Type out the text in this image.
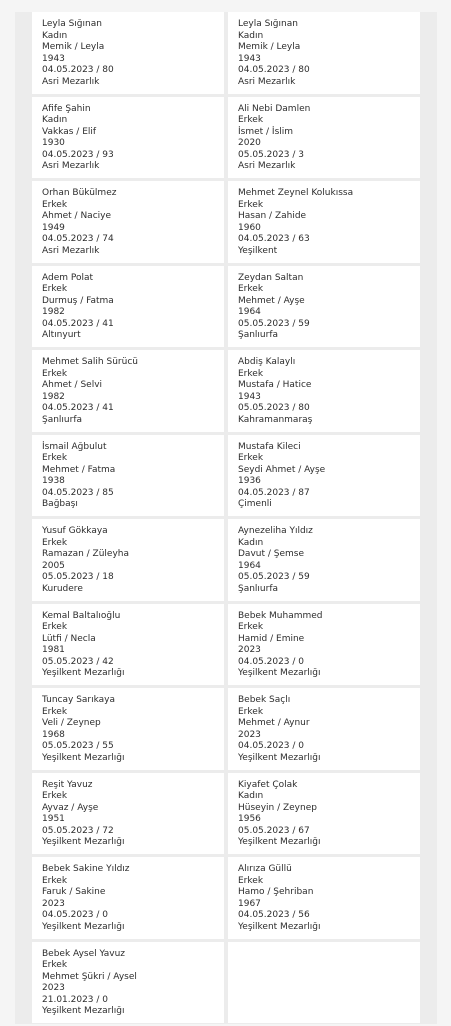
Leyla Sığınan
Kadın
Memik / Leyla
1943
04.05.2023 / 80
Asri Mezarlık
Leyla Sığınan
Kadın
Memik / Leyla
1943
04.05.2023 / 80
Asri Mezarlık
Afife Şahin
Kadın
Vakkas / Elif
1930
04.05.2023 / 93
Asri Mezarlık
Ali Nebi Damlen
Erkek
İsmet / İslim
2020
05.05.2023 / 3
Asri Mezarlık
Orhan Bükülmez
Erkek
Ahmet / Naciye
1949
04.05.2023 / 74
Asri Mezarlık
Mehmet Zeynel Kolukıssa
Erkek
Hasan / Zahide
1960
04.05.2023 / 63
Yeşilkent
Adem Polat
Erkek
Durmuş / Fatma
1982
04.05.2023 / 41
Altınyurt
Zeydan Saltan
Erkek
Mehmet / Ayşe
1964
05.05.2023 / 59
Şanlıurfa
Mehmet Salih Sürücü
Erkek
Ahmet / Selvi
1982
04.05.2023 / 41
Şanlıurfa
Abdiş Kalaylı
Erkek
Mustafa / Hatice
1943
05.05.2023 / 80
Kahramanmaraş
İsmail Ağbulut
Erkek
Mehmet / Fatma
1938
04.05.2023 / 85
Bağbaşı
Mustafa Kileci
Erkek
Seydi Ahmet / Ayşe
1936
04.05.2023 / 87
Çimenli
Yusuf Gökkaya
Erkek
Ramazan / Züleyha
2005
05.05.2023 / 18
Kurudere
Aynezeliha Yıldız
Kadın
Davut / Şemse
1964
05.05.2023 / 59
Şanlıurfa
Kemal Baltalıoğlu
Erkek
Lütfi / Necla
1981
05.05.2023 / 42
Yeşilkent Mezarlığı
Bebek Muhammed
Erkek
Hamid / Emine
2023
04.05.2023 / 0
Yeşilkent Mezarlığı
Tuncay Sarıkaya
Erkek
Veli / Zeynep
1968
05.05.2023 / 55
Yeşilkent Mezarlığı
Bebek Saçlı
Erkek
Mehmet / Aynur
2023
04.05.2023 / 0
Yeşilkent Mezarlığı
Reşit Yavuz
Erkek
Ayvaz / Ayşe
1951
05.05.2023 / 72
Yeşilkent Mezarlığı
Kiyafet Çolak
Kadın
Hüseyin / Zeynep
1956
05.05.2023 / 67
Yeşilkent Mezarlığı
Bebek Sakine Yıldız
Erkek
Faruk / Sakine
2023
04.05.2023 / 0
Yeşilkent Mezarlığı
Alırıza Güllü
Erkek
Hamo / Şehriban
1967
04.05.2023 / 56
Yeşilkent Mezarlığı
Bebek Aysel Yavuz
Erkek
Mehmet Şükri / Aysel
2023
21.01.2023 / 0
Yeşilkent Mezarlığı
